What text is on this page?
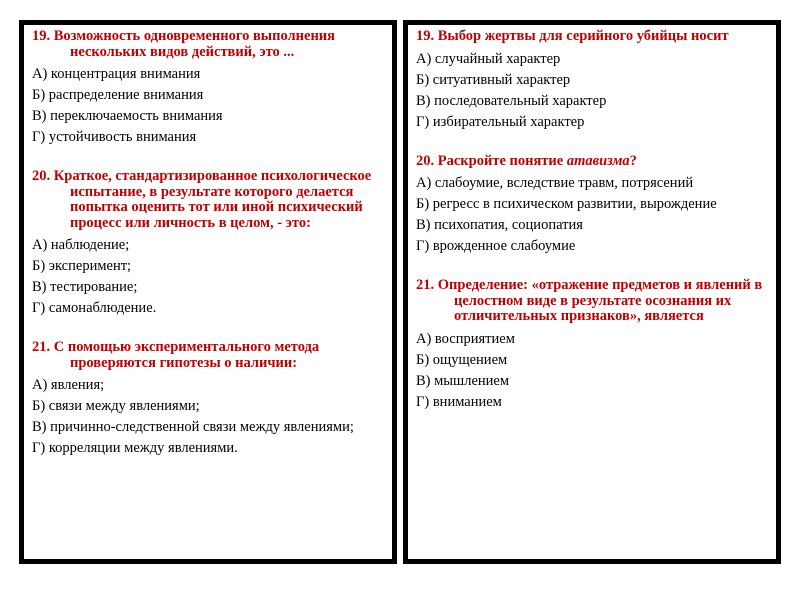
19. Возможность одновременного выполнения нескольких видов действий, это ...
А) концентрация внимания
Б) распределение внимания
В) переключаемость внимания
Г) устойчивость внимания
20. Краткое, стандартизированное психологическое испытание, в результате которого делается попытка оценить тот или иной психический процесс или личность в целом, - это:
А) наблюдение;
Б) эксперимент;
В) тестирование;
Г) самонаблюдение.
21. С помощью экспериментального метода проверяются гипотезы о наличии:
А) явления;
Б) связи между явлениями;
В) причинно-следственной связи между явлениями;
Г) корреляции между явлениями.
19. Выбор жертвы для серийного убийцы носит
А) случайный характер
Б) ситуативный характер
В) последовательный характер
Г) избирательный характер
20. Раскройте понятие атавизма?
А) слабоумие, вследствие травм, потрясений
Б) регресс в психическом развитии, вырождение
В) психопатия, социопатия
Г) врожденное слабоумие
21. Определение: «отражение предметов и явлений в целостном виде в результате осознания их отличительных признаков», является
А) восприятием
Б) ощущением
В) мышлением
Г) вниманием
